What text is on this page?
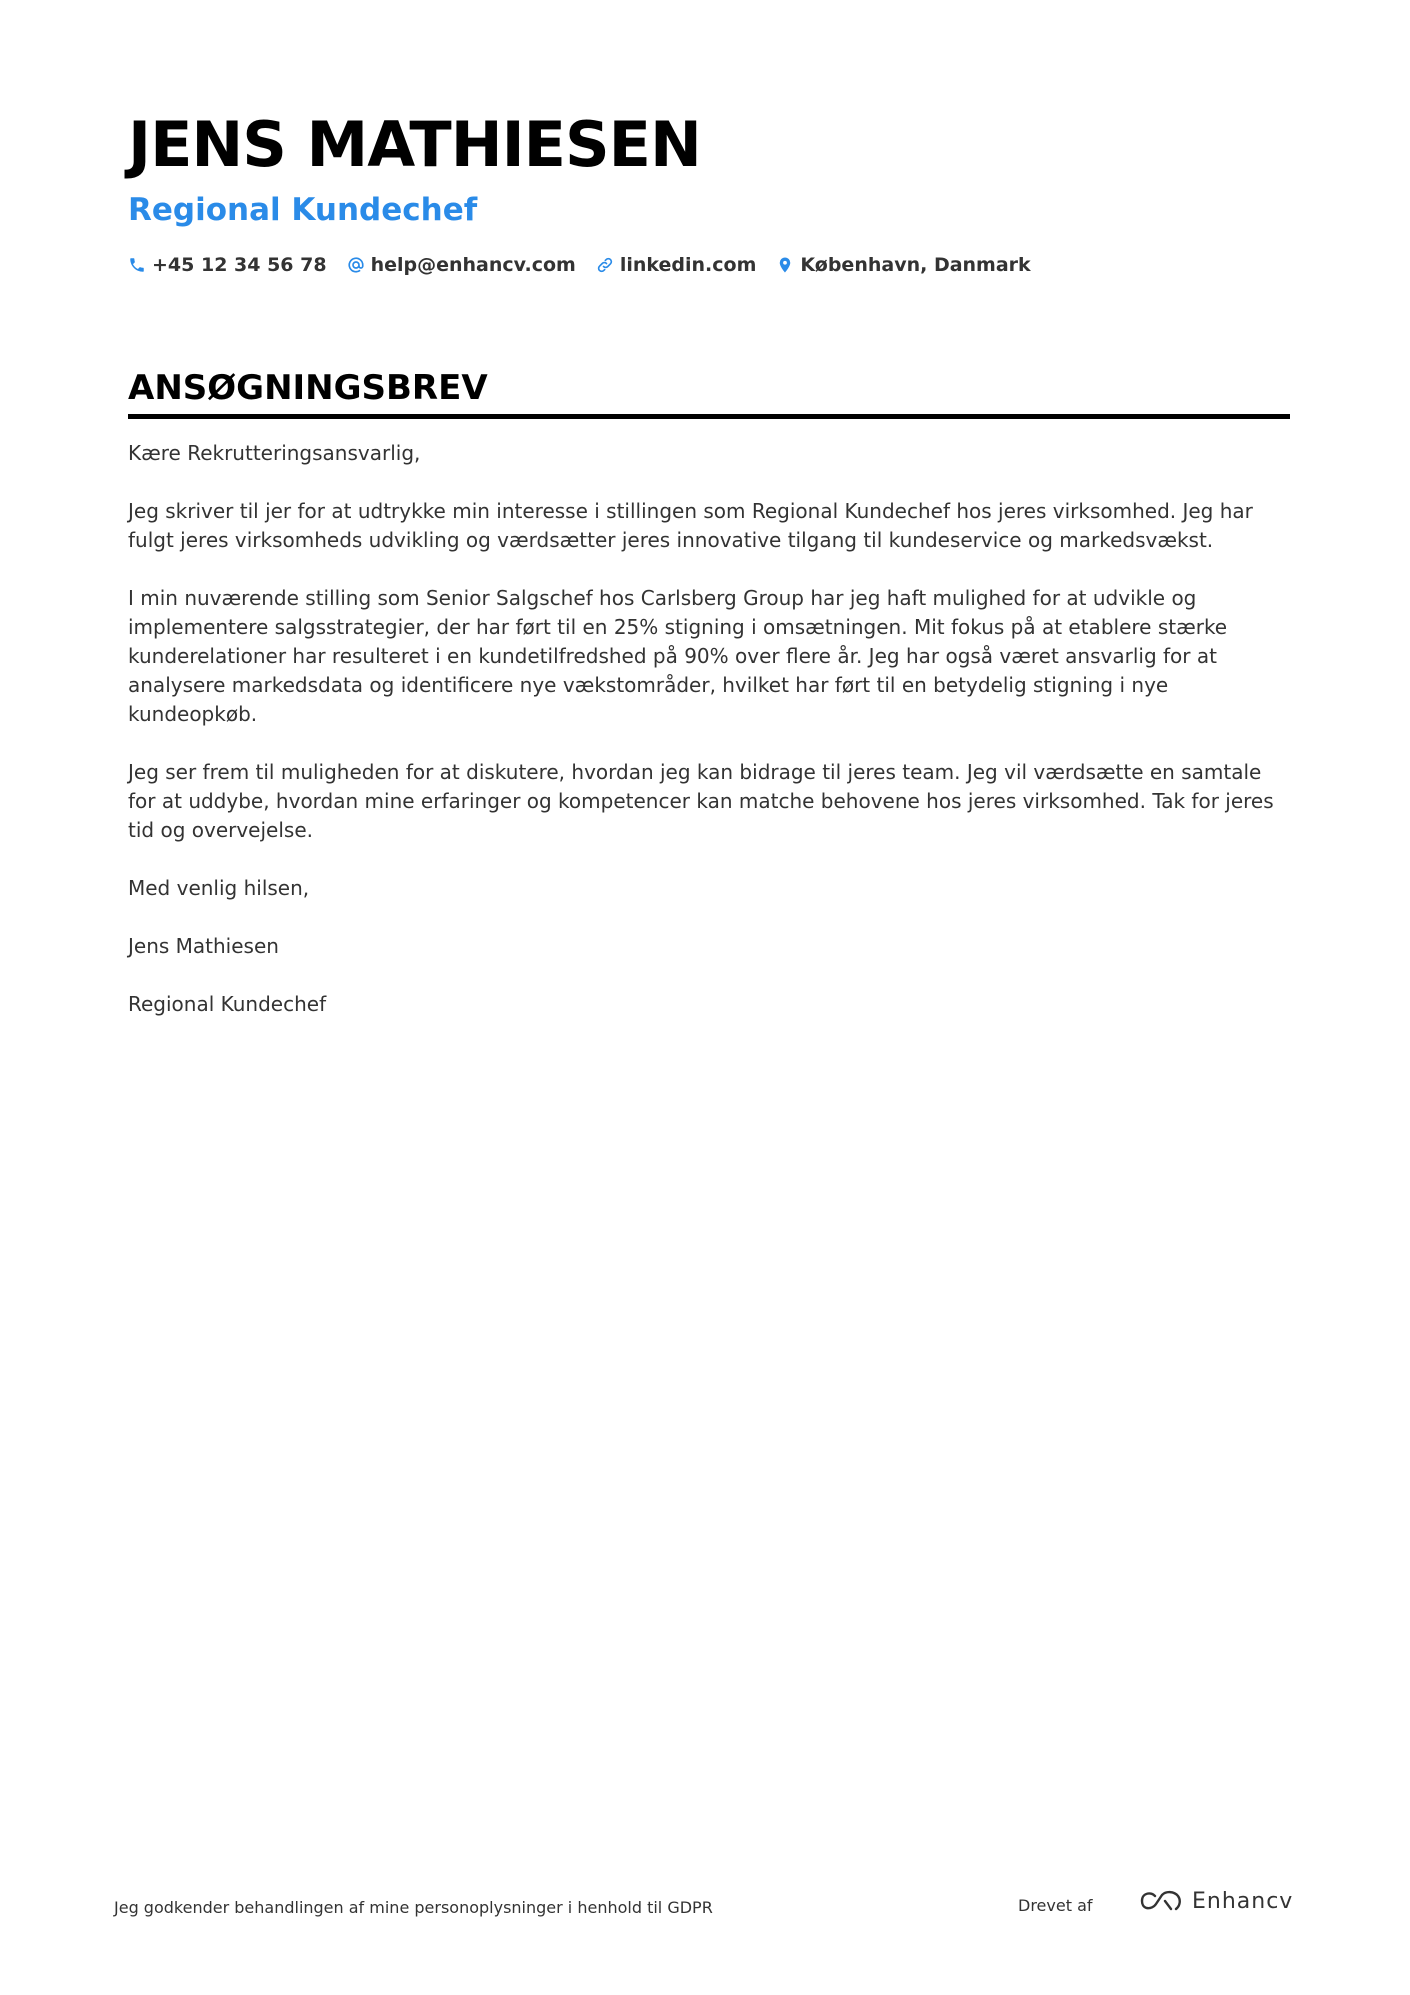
JENS MATHIESEN
Regional Kundechef
+45 12 34 56 78 help@enhancv.com linkedin.com København, Danmark
ANSØGNINGSBREV

Kære Rekrutteringsansvarlig,

Jeg skriver til jer for at udtrykke min interesse i stillingen som Regional Kundechef hos jeres virksomhed. Jeg har fulgt jeres virksomheds udvikling og værdsætter jeres innovative tilgang til kundeservice og markedsvækst.

I min nuværende stilling som Senior Salgschef hos Carlsberg Group har jeg haft mulighed for at udvikle og implementere salgsstrategier, der har ført til en 25% stigning i omsætningen. Mit fokus på at etablere stærke kunderelationer har resulteret i en kundetilfredshed på 90% over flere år. Jeg har også været ansvarlig for at analysere markedsdata og identificere nye vækstområder, hvilket har ført til en betydelig stigning i nye kundeopkøb.

Jeg ser frem til muligheden for at diskutere, hvordan jeg kan bidrage til jeres team. Jeg vil værdsætte en samtale for at uddybe, hvordan mine erfaringer og kompetencer kan matche behovene hos jeres virksomhed. Tak for jeres tid og overvejelse.

Med venlig hilsen,

Jens Mathiesen

Regional Kundechef

Jeg godkender behandlingen af mine personoplysninger i henhold til GDPR	Drevet af	Enhancv
